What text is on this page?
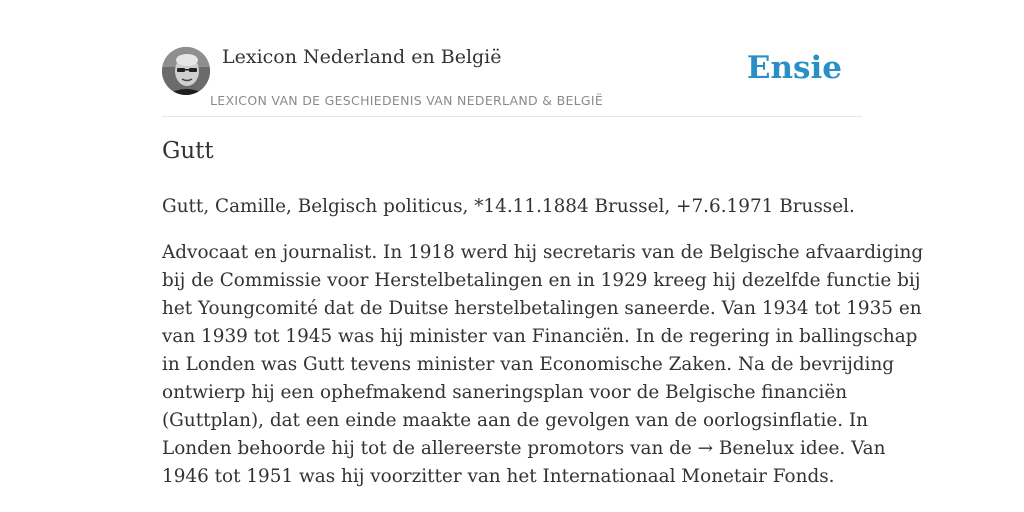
Lexicon Nederland en België
LEXICON VAN DE GESCHIEDENIS VAN NEDERLAND & BELGIË
Ensie
Gutt

Gutt, Camille, Belgisch politicus, *14.11.1884 Brussel, +7.6.1971 Brussel.

Advocaat en journalist. In 1918 werd hij secretaris van de Belgische afvaardiging
bij de Commissie voor Herstelbetalingen en in 1929 kreeg hij dezelfde functie bij
het Youngcomité dat de Duitse herstelbetalingen saneerde. Van 1934 tot 1935 en
van 1939 tot 1945 was hij minister van Financiën. In de regering in ballingschap
in Londen was Gutt tevens minister van Economische Zaken. Na de bevrijding
ontwierp hij een ophefmakend saneringsplan voor de Belgische financiën
(Guttplan), dat een einde maakte aan de gevolgen van de oorlogsinflatie. In
Londen behoorde hij tot de allereerste promotors van de → Benelux idee. Van
1946 tot 1951 was hij voorzitter van het Internationaal Monetair Fonds.
